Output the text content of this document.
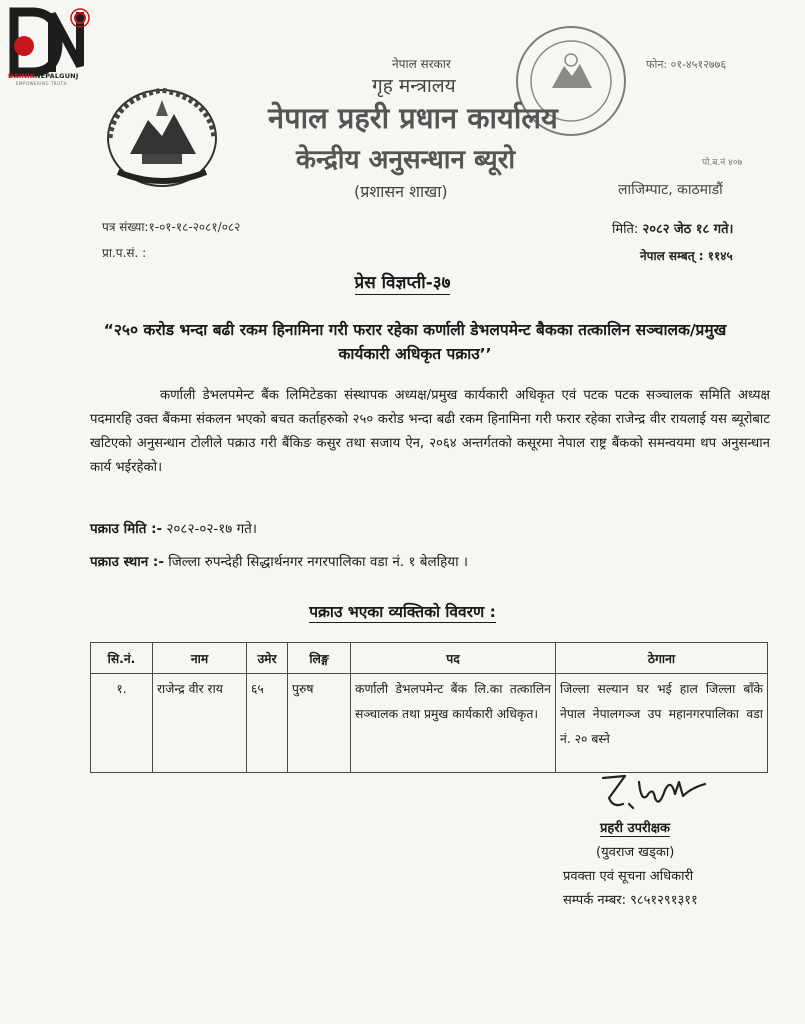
DAINIKNEPALGUNJ
EMPOWERING TRUTH
नेपाल सरकार
गृह मन्त्रालय
नेपाल प्रहरी प्रधान कार्यालय
केन्द्रीय अनुसन्धान ब्यूरो
(प्रशासन शाखा)
फोन: ०१-४५१२७७६
पो.ब.नं ४०७
लाजिम्पाट, काठमाडौं
पत्र संख्या:१-०१-१८-२०८१/०८२
प्रा.प.सं. :
मिति: २०८२ जेठ १८ गते।
नेपाल सम्बत् : ११४५
प्रेस विज्ञप्ती-३७
“२५० करोड भन्दा बढी रकम हिनामिना गरी फरार रहेका कर्णाली डेभलपमेन्ट बैकका तत्कालिन सञ्चालक/प्रमुख कार्यकारी अधिकृत पक्राउ’’
कर्णाली डेभलपमेन्ट बैंक लिमिटेडका संस्थापक अध्यक्ष/प्रमुख कार्यकारी अधिकृत एवं पटक पटक सञ्चालक समिति अध्यक्ष पदमारहि उक्त बैंकमा संकलन भएको बचत कर्ताहरुको २५० करोड भन्दा बढी रकम हिनामिना गरी फरार रहेका राजेन्द्र वीर रायलाई यस ब्यूरोबाट खटिएको अनुसन्धान टोलीले पक्राउ गरी बैंकिङ कसुर तथा सजाय ऐन, २०६४ अन्तर्गतको कसूरमा नेपाल राष्ट्र बैंकको समन्वयमा थप अनुसन्धान कार्य भईरहेको।
पक्राउ मिति :- २०८२-०२-१७ गते।
पक्राउ स्थान :- जिल्ला रुपन्देही सिद्धार्थनगर नगरपालिका वडा नं. १ बेलहिया ।
पक्राउ भएका व्यक्तिको विवरण :
सि.नं.	नाम	उमेर	लिङ्ग	पद	ठेगाना
१.	राजेन्द्र वीर राय	६५	पुरुष	कर्णाली डेभलपमेन्ट बैंक लि.का तत्कालिन सञ्चालक तथा प्रमुख कार्यकारी अधिकृत।	जिल्ला सल्यान घर भई हाल जिल्ला बाँके नेपाल नेपालगञ्ज उप महानगरपालिका वडा नं. २० बस्ने
प्रहरी उपरीक्षक
(युवराज खड्का)
प्रवक्ता एवं सूचना अधिकारी
सम्पर्क नम्बर: ९८५१२९१३११
